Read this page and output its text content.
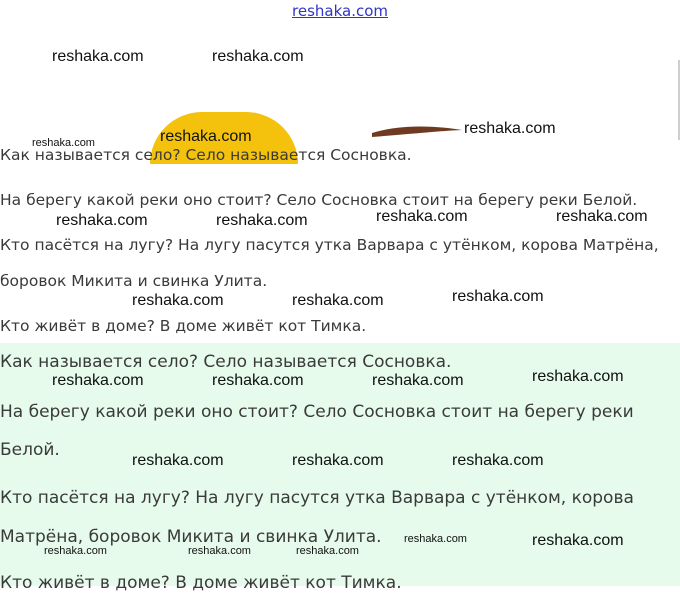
reshaka.com
reshaka.com	reshaka.com
reshaka.com	reshaka.com	reshaka.com
Как называется село? Село называется Сосновка.
На берегу какой реки оно стоит? Село Сосновка стоит на берегу реки Белой.
reshaka.com	reshaka.com	reshaka.com	reshaka.com
Кто пасётся на лугу? На лугу пасутся утка Варвара с утёнком, корова Матрёна,
боровок Микита и свинка Улита.
reshaka.com	reshaka.com	reshaka.com
Кто живёт в доме? В доме живёт кот Тимка.
Как называется село? Село называется Сосновка.
reshaka.com	reshaka.com	reshaka.com	reshaka.com
На берегу какой реки оно стоит? Село Сосновка стоит на берегу реки
Белой.
reshaka.com	reshaka.com	reshaka.com
Кто пасётся на лугу? На лугу пасутся утка Варвара с утёнком, корова
Матрёна, боровок Микита и свинка Улита. reshaka.com	reshaka.com
reshaka.com	reshaka.com	reshaka.com
Кто живёт в доме? В доме живёт кот Тимка.
